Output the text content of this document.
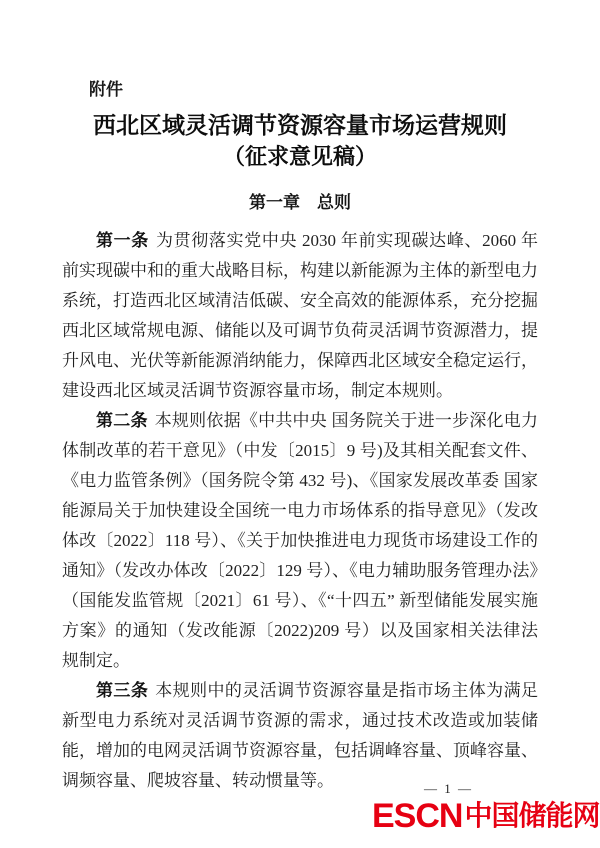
附件
西北区域灵活调节资源容量市场运营规则
（征求意见稿）
第一章　总则

第一条 为贯彻落实党中央 2030 年前实现碳达峰、2060 年前实现碳中和的重大战略目标，构建以新能源为主体的新型电力系统，打造西北区域清洁低碳、安全高效的能源体系，充分挖掘西北区域常规电源、储能以及可调节负荷灵活调节资源潜力，提升风电、光伏等新能源消纳能力，保障西北区域安全稳定运行，建设西北区域灵活调节资源容量市场，制定本规则。

第二条 本规则依据《中共中央 国务院关于进一步深化电力体制改革的若干意见》（中发〔2015〕9 号)及其相关配套文件、《电力监管条例》（国务院令第 432 号)、《国家发展改革委 国家能源局关于加快建设全国统一电力市场体系的指导意见》（发改体改〔2022〕118 号）、《关于加快推进电力现货市场建设工作的通知》（发改办体改〔2022〕129 号）、《电力辅助服务管理办法》（国能发监管规〔2021〕61 号）、《“十四五” 新型储能发展实施方案》的通知（发改能源〔2022)209 号）以及国家相关法律法规制定。

第三条 本规则中的灵活调节资源容量是指市场主体为满足新型电力系统对灵活调节资源的需求，通过技术改造或加装储能，增加的电网灵活调节资源容量，包括调峰容量、顶峰容量、调频容量、爬坡容量、转动惯量等。	— 1 —
ESCN 中国储能网
